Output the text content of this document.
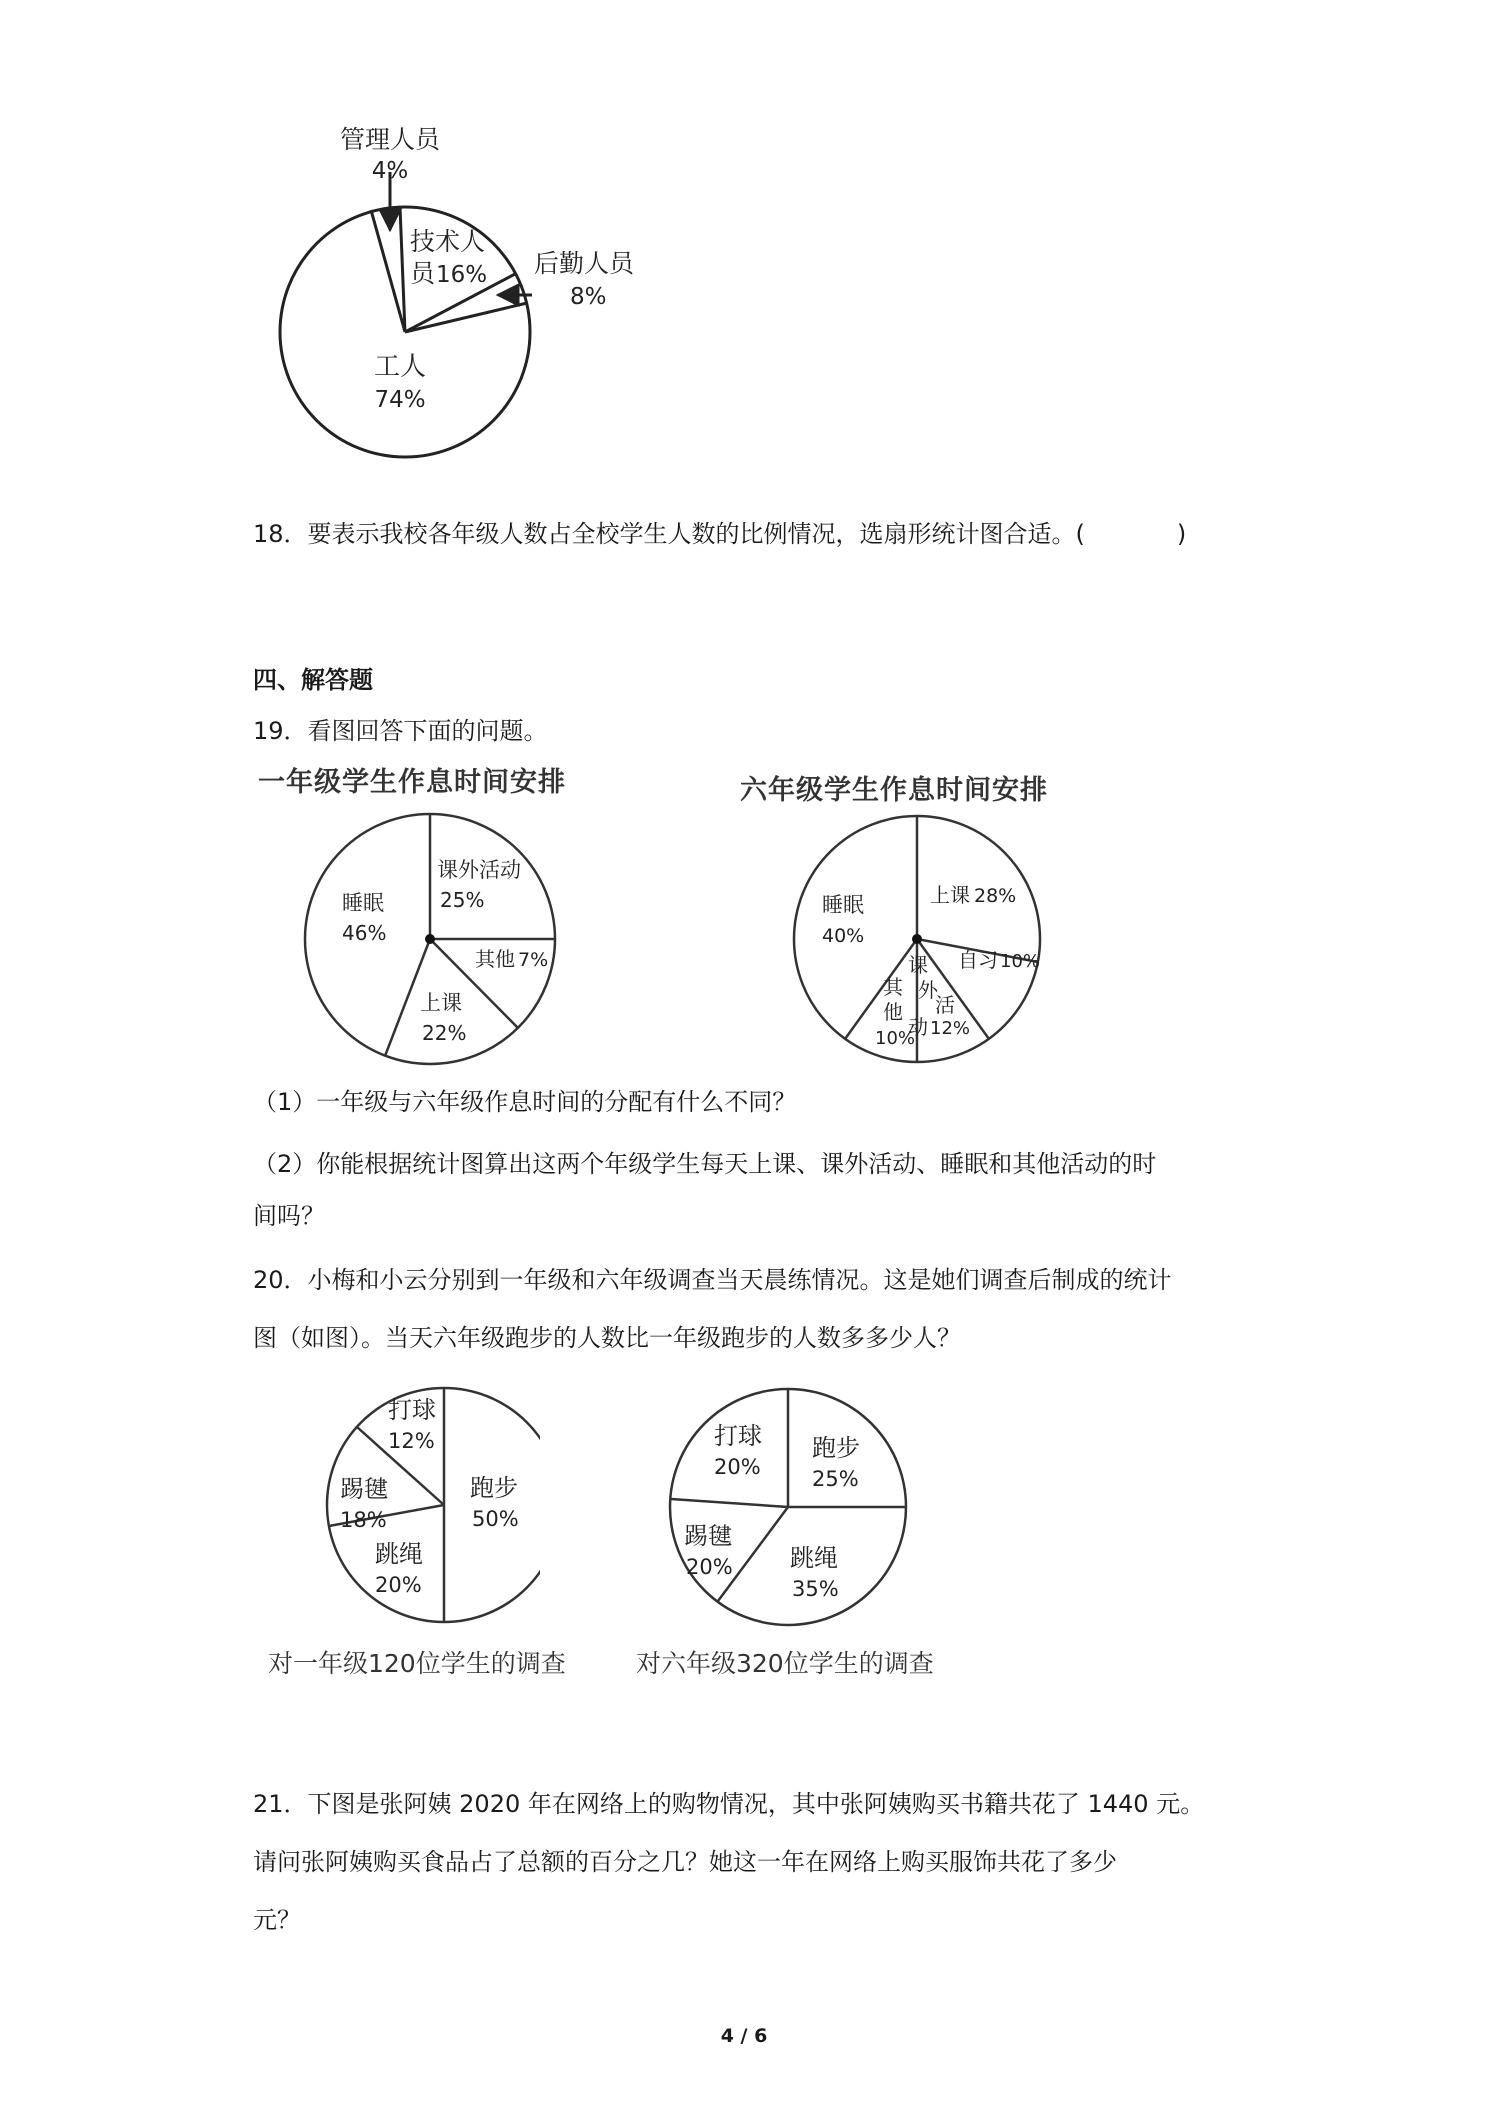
管理人员
4%
技术人
员 16% 后勤人员
8%
工人
74%
18．要表示我校各年级人数占全校学生人数的比例情况，选扇形统计图合适。(	)
四、解答题
19．看图回答下面的问题。
一年级学生作息时间安排	六年级学生作息时间安排
课外活动
25%
其他 7%
上课
22%
睡眠
46%
上课 28%
自习 10%
课
外
活
动 12%
其
他
10%
睡眠
40%
（1）一年级与六年级作息时间的分配有什么不同？
（2）你能根据统计图算出这两个年级学生每天上课、课外活动、睡眠和其他活动的时
间吗？
20．小梅和小云分别到一年级和六年级调查当天晨练情况。这是她们调查后制成的统计
图（如图）。当天六年级跑步的人数比一年级跑步的人数多多少人？
跑步
50%
跳绳
20%
踢毽
18%
打球
12%	跑步
25%
跳绳
35%
踢毽
20%
打球
20%
对一年级120位学生的调查	对六年级320位学生的调查
21．下图是张阿姨 2020 年在网络上的购物情况，其中张阿姨购买书籍共花了 1440 元。
请问张阿姨购买食品占了总额的百分之几？她这一年在网络上购买服饰共花了多少
元？
4 / 6
